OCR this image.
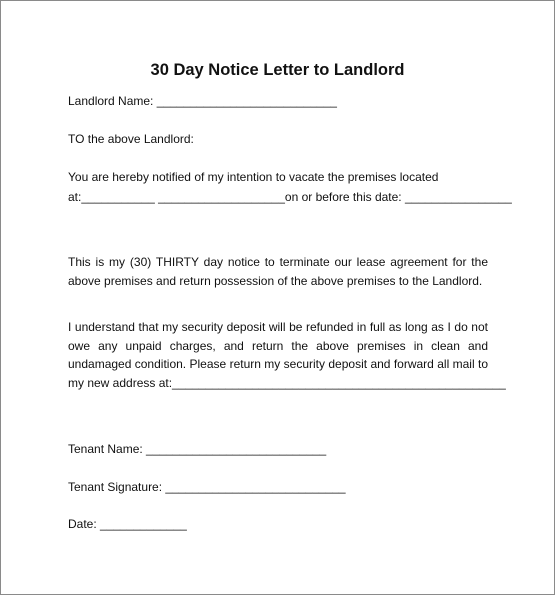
30 Day Notice Letter to Landlord
Landlord Name: ___________________________
TO the above Landlord:
You are hereby notified of my intention to vacate the premises located
at:___________ ___________________on or before this date: ________________
This is my (30) THIRTY day notice to terminate our lease agreement for the
above premises and return possession of the above premises to the Landlord.
I understand that my security deposit will be refunded in full as long as I do not
owe any unpaid charges, and return the above premises in clean and
undamaged condition. Please return my security deposit and forward all mail to
my new address at:__________________________________________________
Tenant Name: ___________________________
Tenant Signature: ___________________________
Date: _____________
